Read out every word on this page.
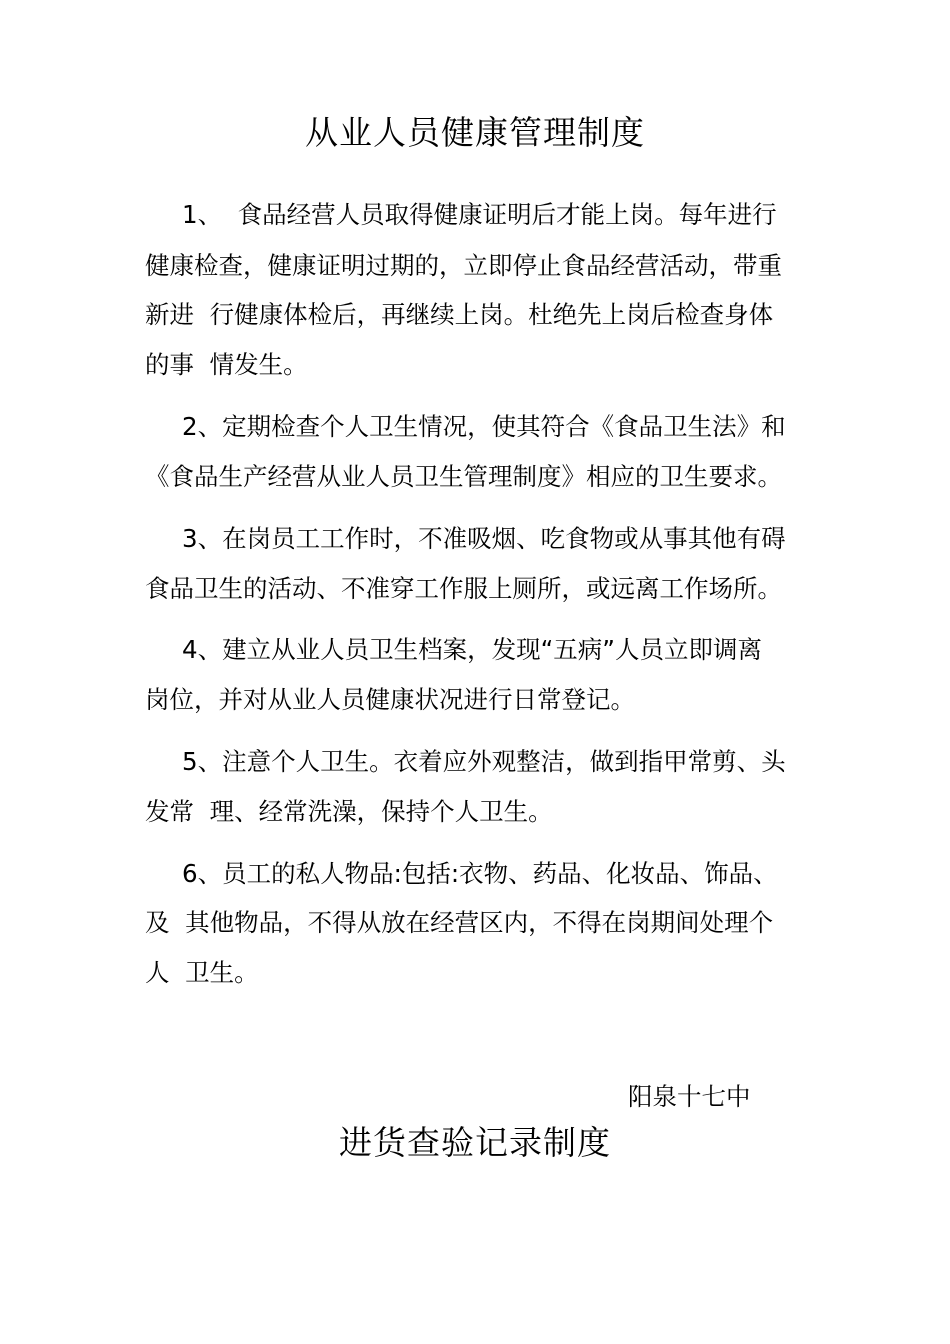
从业人员健康管理制度
1、  食品经营人员取得健康证明后才能上岗。每年进行
健康检查，健康证明过期的，立即停止食品经营活动，带重
新进  行健康体检后，再继续上岗。杜绝先上岗后检查身体
的事  情发生。
2、定期检查个人卫生情况，使其符合《食品卫生法》和
《食品生产经营从业人员卫生管理制度》相应的卫生要求。
3、在岗员工工作时，不准吸烟、吃食物或从事其他有碍
食品卫生的活动、不准穿工作服上厕所，或远离工作场所。
4、建立从业人员卫生档案，发现“五病”人员立即调离
岗位，并对从业人员健康状况进行日常登记。
5、注意个人卫生。衣着应外观整洁，做到指甲常剪、头
发常  理、经常洗澡，保持个人卫生。
6、员工的私人物品:包括:衣物、药品、化妆品、饰品、
及  其他物品，不得从放在经营区内，不得在岗期间处理个
人  卫生。
阳泉十七中
进货查验记录制度
